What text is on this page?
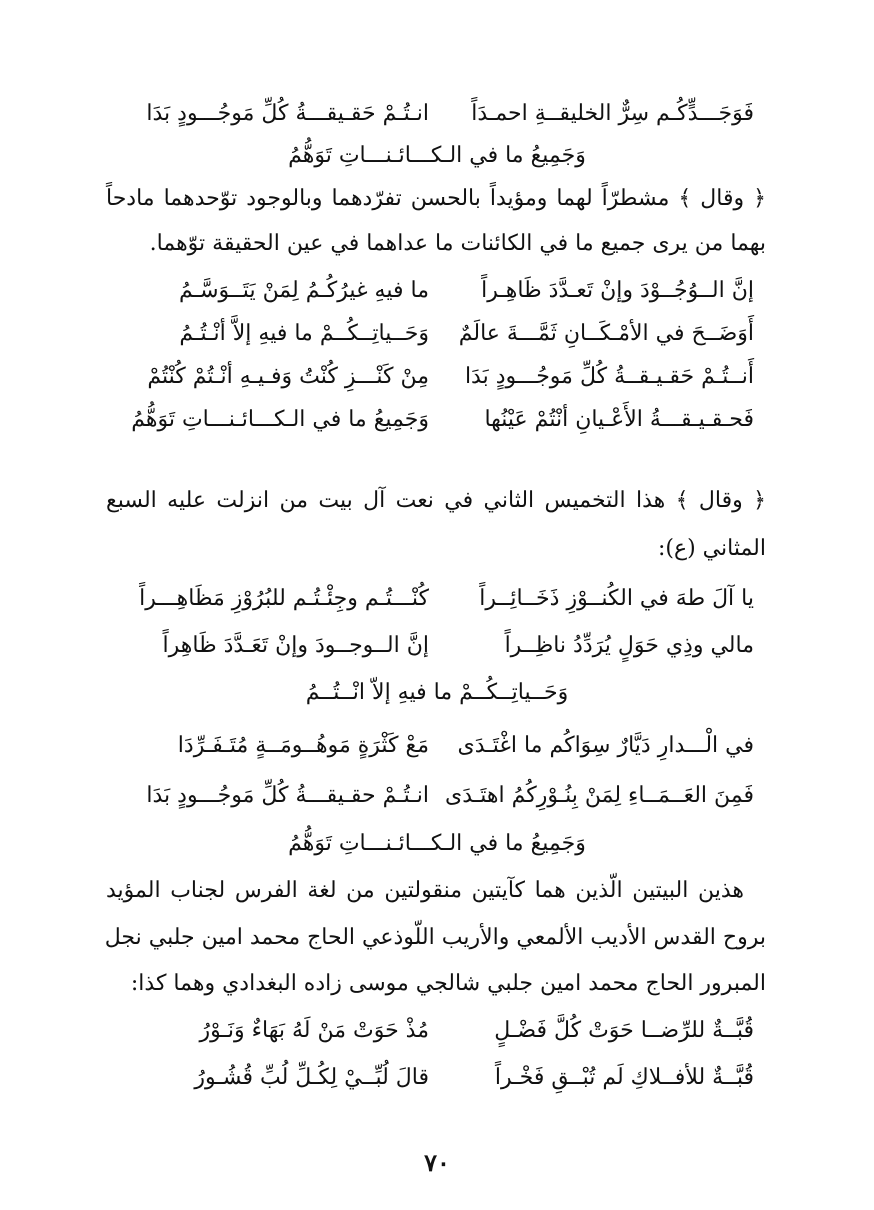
فَوَجَـــدٍّكُـم سِرٌّ الخليقــةِ احمـدَاً
انـتُـمْ حَقـيقـــةُ كُلِّ مَوجُـــودٍ بَدَا
وَجَمِيعُ ما في الـكـــائـنـــاتِ تَوَهُّمُ
﴿ وقال ﴾ مشطرّاً لهما ومؤيداً بالحسن تفرّدهما وبالوجود توّحدهما مادحاً
بهما من يرى جميع ما في الكائنات ما عداهما في عين الحقيقة توّهما.
إنَّ الــوُجُــوْدَ وإنْ تَعـدَّدَ ظَاهِـراً
ما فيهِ غيرُكُـمُ لِمَنْ يَتَــوَسَّـمُ
أَوَضَــحَ في الأمْـكَــانِ ثَمَّـــةَ عالَمٌ
وَحَــياتِــكُــمْ ما فيهِ إلاَّ أنْـتُـمُ
أَنــتُـمْ حَقـيـقــةُ كُلِّ مَوجُـــودٍ بَدَا
مِنْ كَنْـــزِ كُنْتُ وَفـيـهِ أنْـتُمْ كُنْتُمْ
فَحـقـيـقـــةُ الأَعْـيانِ أنْتُمْ عَيْنُها
وَجَمِيعُ ما في الـكـــائـنـــاتِ تَوَهُّمُ
﴿ وقال ﴾ هذا التخميس الثاني في نعت آل بيت من انزلت عليه السبع
المثاني (ع):
يا آلَ طهَ في الكُنــوْزِ ذَخَــائِــراً
كُنْـــتُـم وجِئْـتُـم للبُرُوْزِ مَظَاهِـــراً
مالي وذِي حَوَلٍ يُرَدِّدُ ناظِــراً
إنَّ الــوجــودَ وإنْ تَعَـدَّدَ ظَاهِراً
وَحَــياتِــكُــمْ ما فيهِ إلاّ انْــتُــمُ
في الْـــدارِ دَيَّارٌ سِوَاكُم ما اغْتَـدَى
مَعْ كَثْرَةٍ مَوهُــومَــةٍ مُتَـفَـرِّدَا
فَمِنَ العَــمَــاءِ لِمَنْ بِنُـوْرِكُمُ اهتَـدَى
انـتُـمْ حقـيقـــةُ كُلِّ مَوجُـــودٍ بَدَا
وَجَمِيعُ ما في الـكـــائـنـــاتِ تَوَهُّمُ
هذين البيتين الّذين هما كآيتين منقولتين من لغة الفرس لجناب المؤيد
بروح القدس الأديب الألمعي والأريب اللّوذعي الحاج محمد امين جلبي نجل
المبرور الحاج محمد امين جلبي شالجي موسى زاده البغدادي وهما كذا:
قُبَّــةٌ للرِّضــا حَوَتْ كُلَّ فَضْـلٍ
مُذْ حَوَتْ مَنْ لَهُ بَهَاءٌ وَنَـوْرُ
قُبَّــةٌ للأفــلاكِ لَم تُبْــقِ فَخْـراً
قالَ لُبِّــيْ لِكُـلِّ لُبِّ قُشُـورُ
٧٠
